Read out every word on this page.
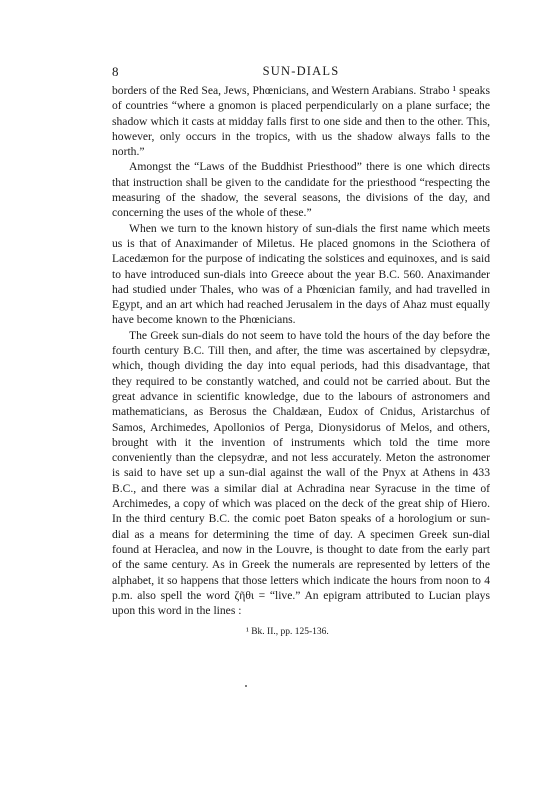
8	SUN-DIALS

borders of the Red Sea, Jews, Phœnicians, and Western Arabians. Strabo ¹ speaks of countries “where a gnomon is placed perpendicularly on a plane surface; the shadow which it casts at midday falls first to one side and then to the other. This, however, only occurs in the tropics, with us the shadow always falls to the north.”

Amongst the “Laws of the Buddhist Priesthood” there is one which directs that instruction shall be given to the candidate for the priesthood “respecting the measuring of the shadow, the several seasons, the divisions of the day, and concerning the uses of the whole of these.”

When we turn to the known history of sun-dials the first name which meets us is that of Anaximander of Miletus. He placed gnomons in the Sciothera of Lacedæmon for the purpose of indicating the solstices and equinoxes, and is said to have introduced sun-dials into Greece about the year B.C. 560. Anaximander had studied under Thales, who was of a Phœnician family, and had travelled in Egypt, and an art which had reached Jerusalem in the days of Ahaz must equally have become known to the Phœnicians.

The Greek sun-dials do not seem to have told the hours of the day before the fourth century B.C. Till then, and after, the time was ascertained by clepsydræ, which, though dividing the day into equal periods, had this disadvantage, that they required to be constantly watched, and could not be carried about. But the great advance in scientific knowledge, due to the labours of astronomers and mathematicians, as Berosus the Chaldæan, Eudox of Cnidus, Aristarchus of Samos, Archimedes, Apollonios of Perga, Dionysidorus of Melos, and others, brought with it the invention of instruments which told the time more conveniently than the clepsydræ, and not less accurately. Meton the astronomer is said to have set up a sun-dial against the wall of the Pnyx at Athens in 433 B.C., and there was a similar dial at Achradina near Syracuse in the time of Archimedes, a copy of which was placed on the deck of the great ship of Hiero. In the third century B.C. the comic poet Baton speaks of a horologium or sun-dial as a means for determining the time of day. A specimen Greek sun-dial found at Heraclea, and now in the Louvre, is thought to date from the early part of the same century. As in Greek the numerals are represented by letters of the alphabet, it so happens that those letters which indicate the hours from noon to 4 p.m. also spell the word ζῆθι = “live.” An epigram attributed to Lucian plays upon this word in the lines :

¹ Bk. II., pp. 125-136.
